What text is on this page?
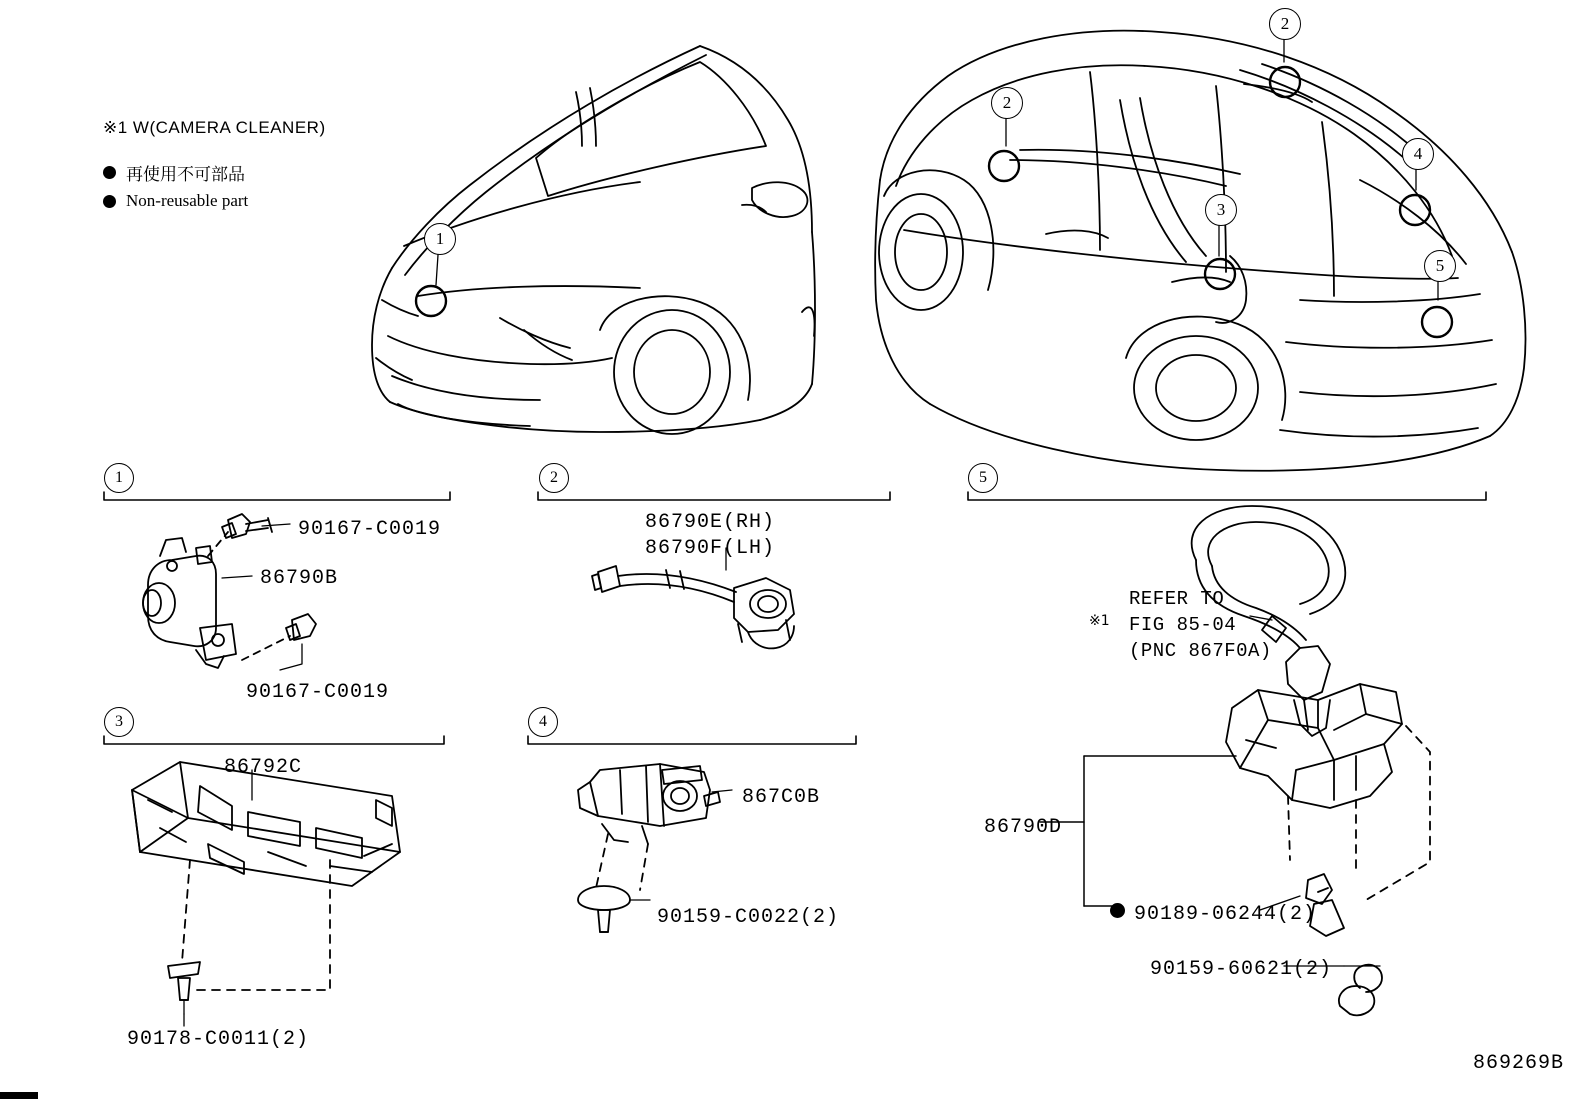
※1 W(CAMERA CLEANER)
再使用不可部品
Non-reusable part
1
2
2
3
4
5
1	2
3	4
5
90167-C0019
86790B
90167-C0019
86790E(RH)
86790F(LH)
86792C
90178-C0011(2)
867C0B
90159-C0022(2)
86790D
90189-06244(2)
90159-60621(2)
※1
REFER TO
FIG 85-04
(PNC 867F0A)
869269B
